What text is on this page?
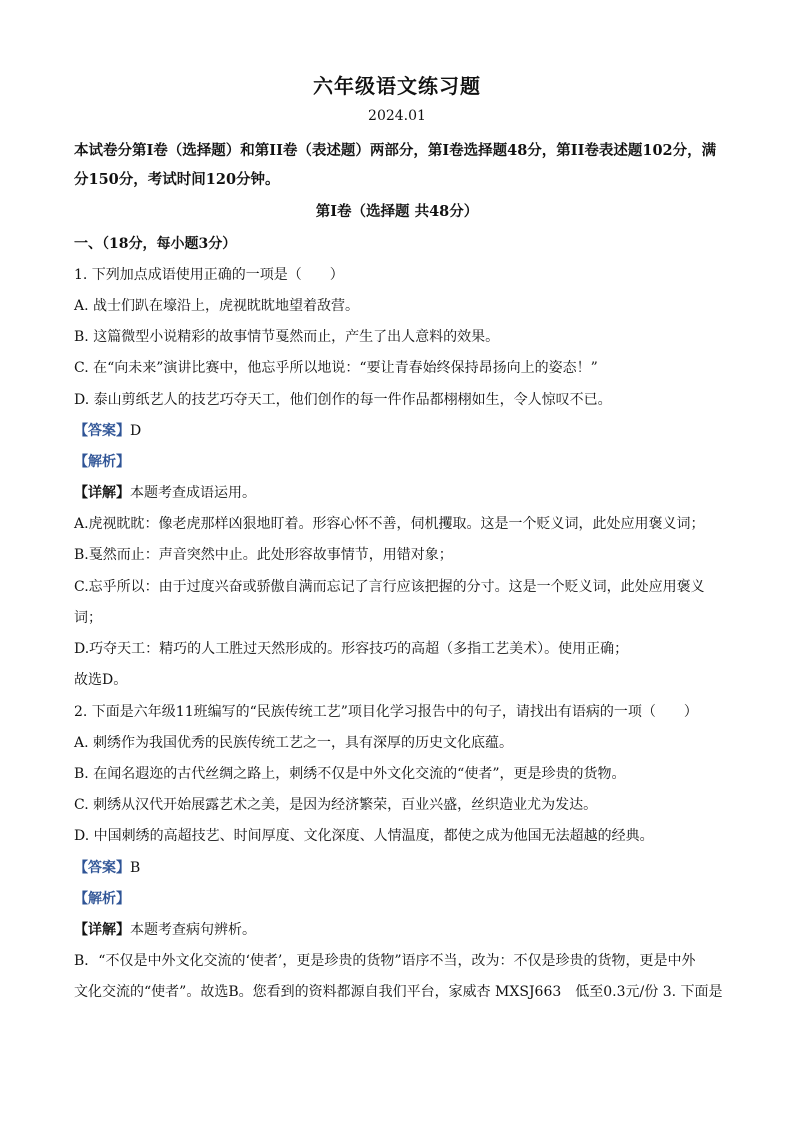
六年级语文练习题
2024.01
本试卷分第I卷（选择题）和第II卷（表述题）两部分，第I卷选择题48分，第II卷表述题102分，满分150分，考试时间120分钟。
第I卷（选择题 共48分）
一、（18分，每小题3分）
1. 下列加点成语使用正确的一项是（　　）
A. 战士们趴在壕沿上，虎视眈眈地望着敌营。
B. 这篇微型小说精彩的故事情节戛然而止，产生了出人意料的效果。
C. 在“向未来”演讲比赛中，他忘乎所以地说：“要让青春始终保持昂扬向上的姿态！”
D. 泰山剪纸艺人的技艺巧夺天工，他们创作的每一件作品都栩栩如生，令人惊叹不已。
【答案】D
【解析】
【详解】本题考查成语运用。
A.虎视眈眈：像老虎那样凶狠地盯着。形容心怀不善，伺机攫取。这是一个贬义词，此处应用褒义词；
B.戛然而止：声音突然中止。此处形容故事情节，用错对象；
C.忘乎所以：由于过度兴奋或骄傲自满而忘记了言行应该把握的分寸。这是一个贬义词，此处应用褒义
词；
D.巧夺天工：精巧的人工胜过天然形成的。形容技巧的高超（多指工艺美术）。使用正确；
故选D。
2. 下面是六年级11班编写的“民族传统工艺”项目化学习报告中的句子，请找出有语病的一项（　　）
A. 刺绣作为我国优秀的民族传统工艺之一，具有深厚的历史文化底蕴。
B. 在闻名遐迩的古代丝绸之路上，刺绣不仅是中外文化交流的“使者”，更是珍贵的货物。
C. 刺绣从汉代开始展露艺术之美，是因为经济繁荣，百业兴盛，丝织造业尤为发达。
D. 中国刺绣的高超技艺、时间厚度、文化深度、人情温度，都使之成为他国无法超越的经典。
【答案】B
【解析】
【详解】本题考查病句辨析。
B．“不仅是中外文化交流的‘使者’，更是珍贵的货物”语序不当，改为：不仅是珍贵的货物，更是中外
文化交流的“使者”。故选B。您看到的资料都源自我们平台，家威杏 MXSJ663　低至0.3元/份 3. 下面是
